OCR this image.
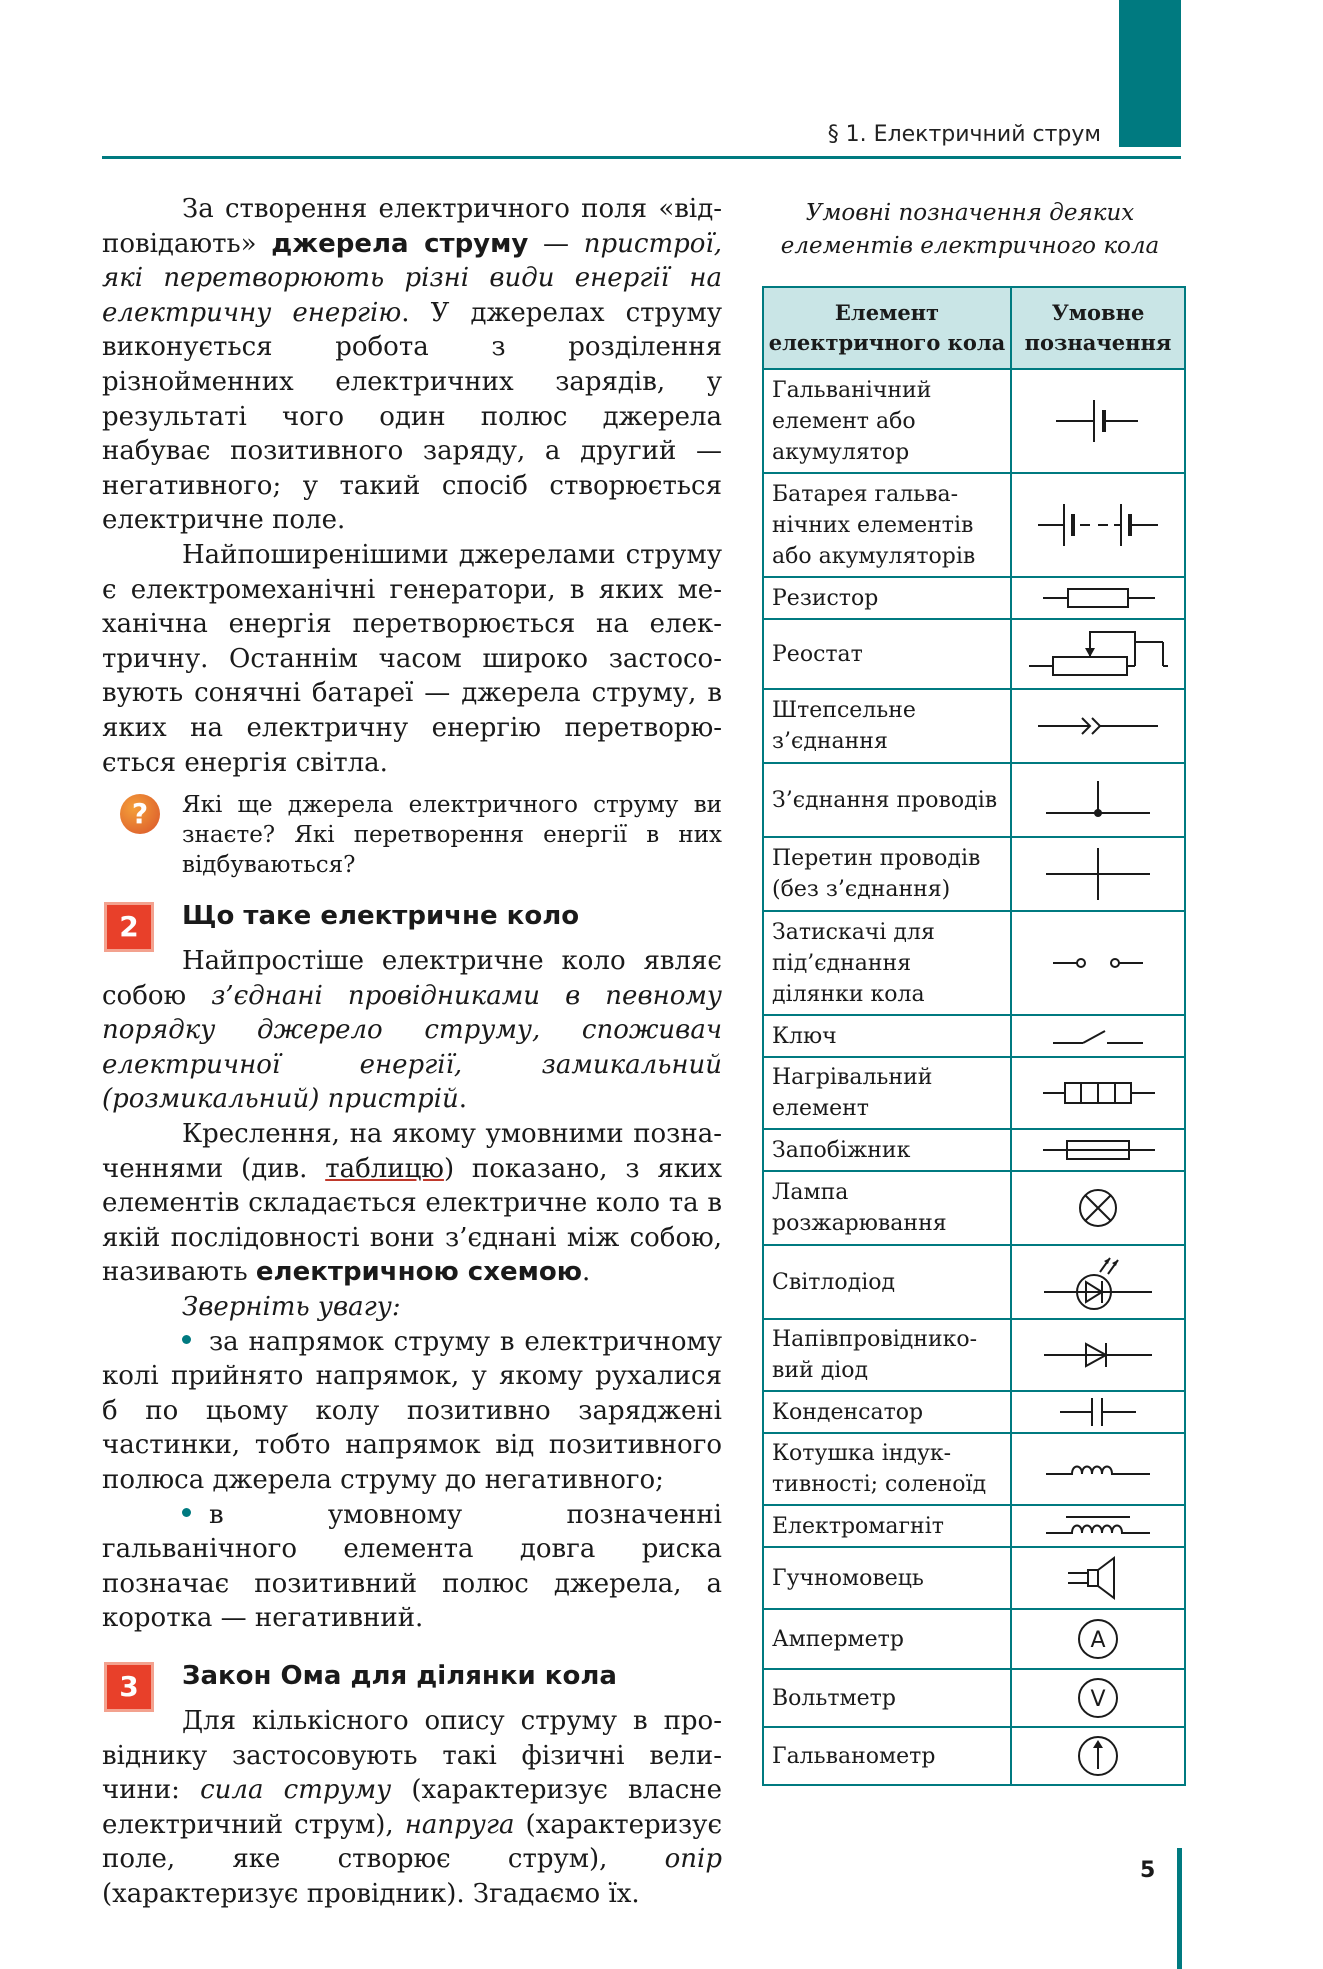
§ 1. Електричний струм

За створення електричного поля «відповідають» джерела струму — пристрої, які перетворюють різні види енергії на електричну енергію. У джерелах струму виконується робота з розділення різнойменних електричних зарядів, у результаті чого один полюс джерела набуває позитивного заряду, а другий — негативного; у такий спосіб створюється електричне поле.

Найпоширенішими джерелами струму є електромеханічні генератори, в яких механічна енергія перетворюється на електричну. Останнім часом широко застосовують сонячні батареї — джерела струму, в яких на електричну енергію перетворюється енергія світла.

?	Які ще джерела електричного струму ви знаєте? Які перетворення енергії в них відбуваються?
2	Що таке електричне коло

Найпростіше електричне коло являє собою з’єднані провідниками в певному порядку джерело струму, споживач електричної енергії, замикальний (розмикальний) пристрій.

Креслення, на якому умовними позначеннями (див. таблицю) показано, з яких елементів складається електричне коло та в якій послідовності вони з’єднані між собою, називають електричною схемою.

Зверніть увагу:

за напрямок струму в електричному колі прийнято напрямок, у якому рухалися б по цьому колу позитивно заряджені частинки, тобто напрямок від позитивного полюса джерела струму до негативного;

в умовному позначенні гальванічного елемента довга риска позначає позитивний полюс джерела, а коротка — негативний.

3	Закон Ома для ділянки кола

Для кількісного опису струму в провіднику застосовують такі фізичні величини: сила струму (характеризує власне електричний струм), напруга (характеризує поле, яке створює струм), опір (характеризує провідник). Згадаємо їх.

Умовні позначення деяких елементів електричного кола
Елемент електричного кола	Умовне позначення
Гальванічний елемент або акумулятор	

Батарея гальванічних елементів або акумуляторів	

Резистор	

Реостат	

Штепсельне з’єднання	

З’єднання проводів	

Перетин проводів (без з’єднання)	

Затискачі для під’єднання ділянки кола	

Ключ	

Нагрівальний елемент	

Запобіжник	

Лампа розжарювання	

Світлодіод	

Напівпровідниковий діод	

Конденсатор	

Котушка індуктивності; соленоїд	

Електромагніт	

Гучномовець	

Амперметр	A

Вольтметр	V

Гальванометр	
5
